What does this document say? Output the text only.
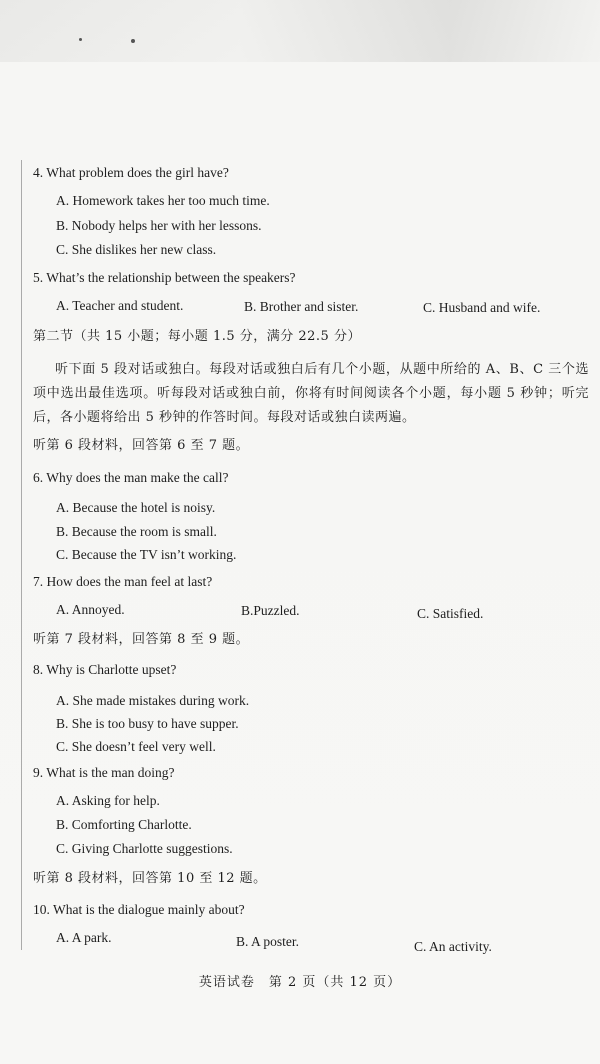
4. What problem does the girl have?
A. Homework takes her too much time.
B. Nobody helps her with her lessons.
C. She dislikes her new class.
5. What’s the relationship between the speakers?
A. Teacher and student.	B. Brother and sister.	C. Husband and wife.
第二节（共 15 小题；每小题 1.5 分，满分 22.5 分）
听下面 5 段对话或独白。每段对话或独白后有几个小题，从题中所给的 A、B、C 三个选项中选出最佳选项。听每段对话或独白前，你将有时间阅读各个小题，每小题 5 秒钟；听完后，各小题将给出 5 秒钟的作答时间。每段对话或独白读两遍。
听第 6 段材料，回答第 6 至 7 题。
6. Why does the man make the call?
A. Because the hotel is noisy.
B. Because the room is small.
C. Because the TV isn’t working.
7. How does the man feel at last?
A. Annoyed.	B.Puzzled.	C. Satisfied.
听第 7 段材料，回答第 8 至 9 题。
8. Why is Charlotte upset?
A. She made mistakes during work.
B. She is too busy to have supper.
C. She doesn’t feel very well.
9. What is the man doing?
A. Asking for help.
B. Comforting Charlotte.
C. Giving Charlotte suggestions.
听第 8 段材料，回答第 10 至 12 题。
10. What is the dialogue mainly about?
A. A park.	B. A poster.	C. An activity.
英语试卷　第 2 页（共 12 页）
